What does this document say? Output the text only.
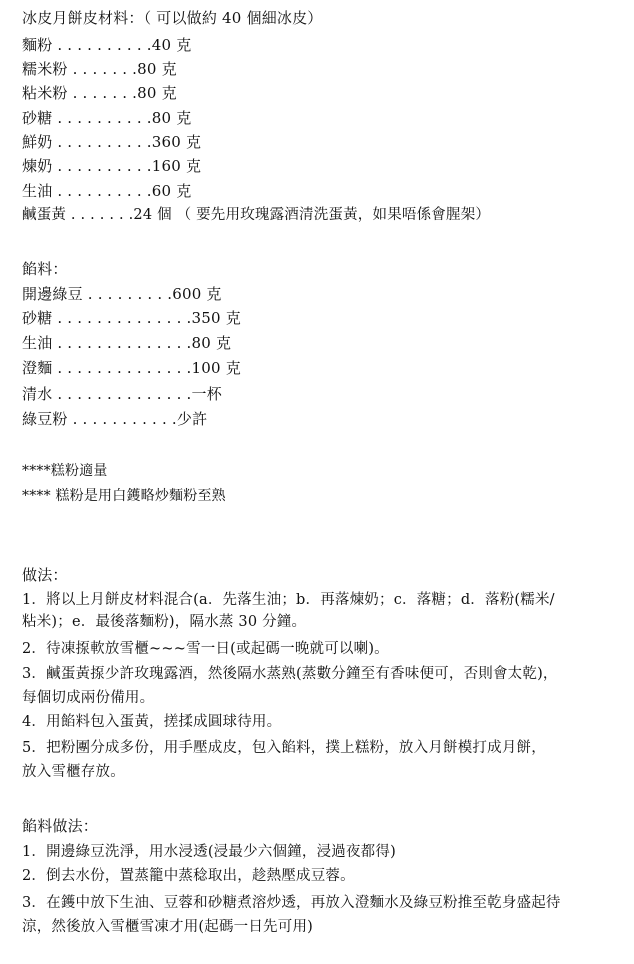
冰皮月餅皮材料：（ 可以做約 40 個細冰皮）
麵粉 . . . . . . . . . .40 克
糯米粉 . . . . . . .80 克
粘米粉 . . . . . . .80 克
砂糖 . . . . . . . . . .80 克
鮮奶 . . . . . . . . . .360 克
煉奶 . . . . . . . . . .160 克
生油 . . . . . . . . . .60 克
鹹蛋黃 . . . . . . .24 個 （ 要先用玫瑰露酒清洗蛋黃，如果唔係會腥架）
餡料：
開邊綠豆 . . . . . . . . .600 克
砂糖 . . . . . . . . . . . . . .350 克
生油 . . . . . . . . . . . . . .80 克
澄麵 . . . . . . . . . . . . . .100 克
清水 . . . . . . . . . . . . . .一杯
綠豆粉 . . . . . . . . . . .少許
****糕粉適量
**** 糕粉是用白鑊略炒麵粉至熟
做法：
1．將以上月餅皮材料混合(a．先落生油；b．再落煉奶；c．落糖；d．落粉(糯米/
粘米)；e．最後落麵粉)，隔水蒸 30 分鐘。
2．待凍揼軟放雪櫃~~~雪一日(或起碼一晚就可以喇)。
3．鹹蛋黃揼少許玫瑰露酒，然後隔水蒸熟(蒸數分鐘至有香味便可，否則會太乾)，
每個切成兩份備用。
4．用餡料包入蛋黃，搓揉成圓球待用。
5．把粉團分成多份，用手壓成皮，包入餡料，撲上糕粉，放入月餅模打成月餅，
放入雪櫃存放。
餡料做法：
1．開邊綠豆洗淨，用水浸透(浸最少六個鐘，浸過夜都得)
2．倒去水份，置蒸籠中蒸稔取出，趁熱壓成豆蓉。
3．在鑊中放下生油、豆蓉和砂糖煮溶炒透，再放入澄麵水及綠豆粉推至乾身盛起待
涼，然後放入雪櫃雪凍才用(起碼一日先可用)
